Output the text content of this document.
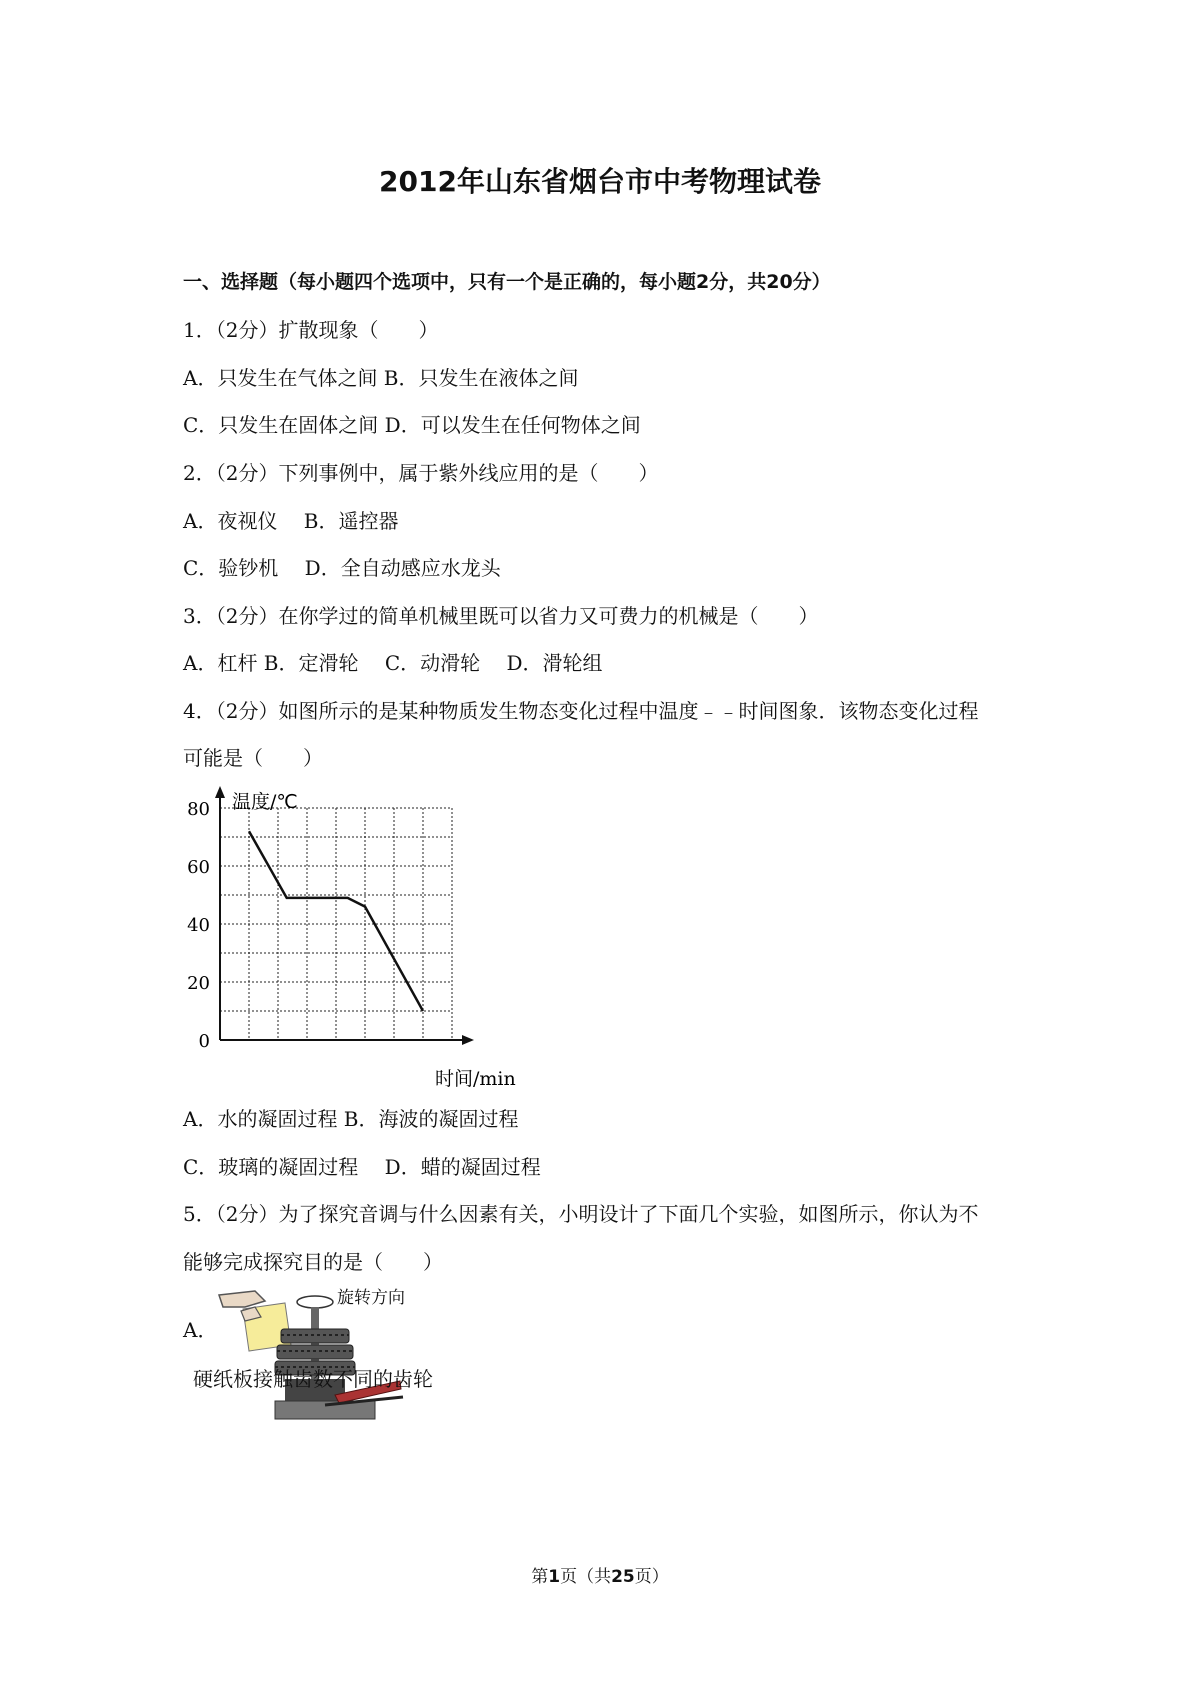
2012年山东省烟台市中考物理试卷
一、选择题（每小题四个选项中，只有一个是正确的，每小题2分，共20分）
1．（2分）扩散现象（　　）
A．只发生在气体之间 B．只发生在液体之间
C．只发生在固体之间 D．可以发生在任何物体之间
2．（2分）下列事例中，属于紫外线应用的是（　　）
A．夜视仪　 B．遥控器
C．验钞机　 D．全自动感应水龙头
3．（2分）在你学过的简单机械里既可以省力又可费力的机械是（　　）
A．杠杆 B．定滑轮　 C．动滑轮　 D．滑轮组
4．（2分）如图所示的是某种物质发生物态变化过程中温度﹣﹣时间图象．该物态变化过程
可能是（　　）
0
20
40
60
80 温度/℃
时间/min
A．水的凝固过程 B．海波的凝固过程
C．玻璃的凝固过程　 D．蜡的凝固过程
5．（2分）为了探究音调与什么因素有关，小明设计了下面几个实验，如图所示，你认为不
能够完成探究目的是（　　）
旋转方向
A．
硬纸板接触齿数不同的齿轮
第1页（共25页）
